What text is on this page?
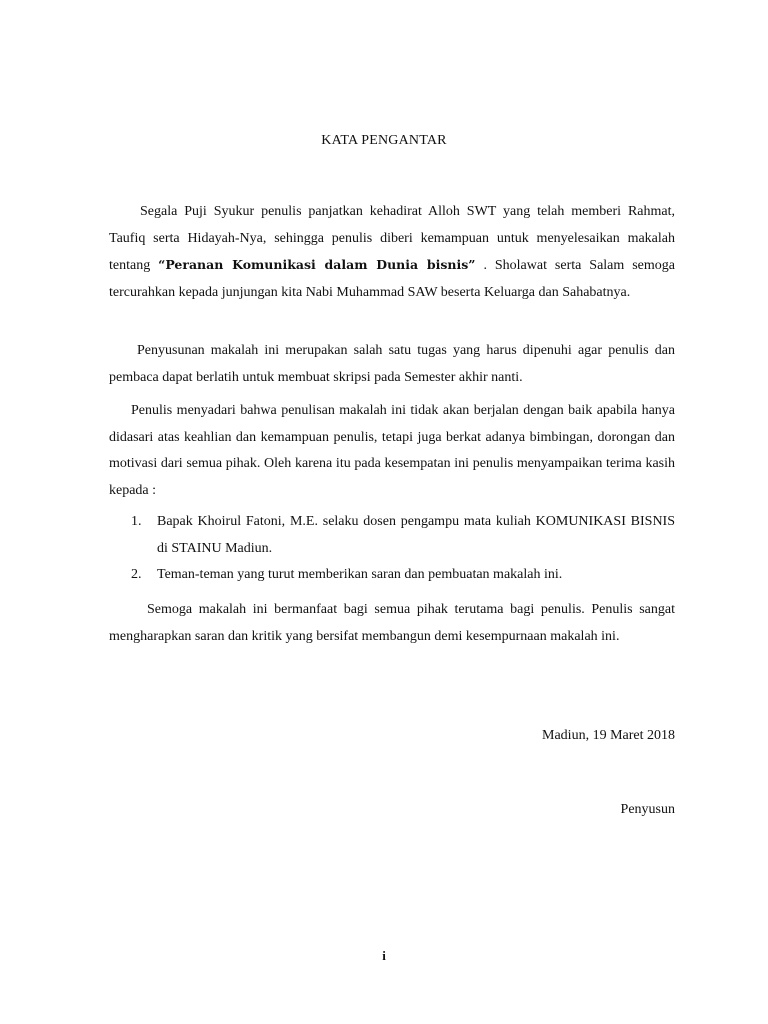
KATA PENGANTAR

Segala Puji Syukur penulis panjatkan kehadirat Alloh SWT yang telah memberi Rahmat, Taufiq serta Hidayah-Nya, sehingga penulis diberi kemampuan untuk menyelesaikan makalah tentang “Peranan Komunikasi dalam Dunia bisnis” . Sholawat serta Salam semoga tercurahkan kepada junjungan kita Nabi Muhammad SAW beserta Keluarga dan Sahabatnya.

Penyusunan makalah ini merupakan salah satu tugas yang harus dipenuhi agar penulis dan pembaca dapat berlatih untuk membuat skripsi pada Semester akhir nanti.

Penulis menyadari bahwa penulisan makalah ini tidak akan berjalan dengan baik apabila hanya didasari atas keahlian dan kemampuan penulis, tetapi juga berkat adanya bimbingan, dorongan dan motivasi dari semua pihak. Oleh karena itu pada kesempatan ini penulis menyampaikan terima kasih kepada :

1. Bapak Khoirul Fatoni, M.E. selaku dosen pengampu mata kuliah KOMUNIKASI BISNIS di STAINU Madiun.
2. Teman-teman yang turut memberikan saran dan pembuatan makalah ini.

Semoga makalah ini bermanfaat bagi semua pihak terutama bagi penulis. Penulis sangat mengharapkan saran dan kritik yang bersifat membangun demi kesempurnaan makalah ini.

Madiun, 19 Maret 2018
Penyusun
i
